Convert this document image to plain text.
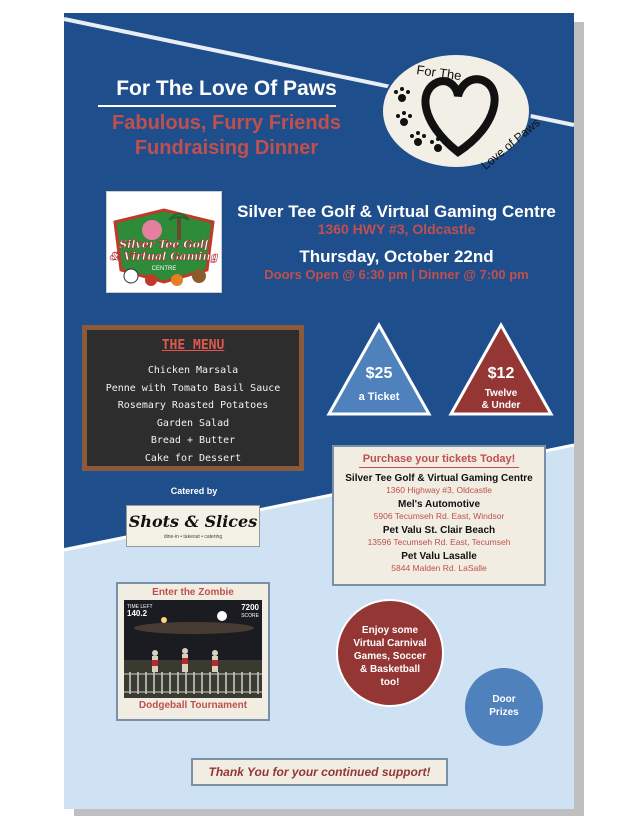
For The Love Of Paws
Fabulous, Furry Friends
Fundraising Dinner
For The
Love of Paws
Silver Tee Golf
& Virtual Gaming
CENTRE
Silver Tee Golf & Virtual Gaming Centre
1360 HWY #3, Oldcastle
Thursday, October 22nd
Doors Open @ 6:30 pm | Dinner @ 7:00 pm
THE MENU
Chicken Marsala
Penne with Tomato Basil Sauce
Rosemary Roasted Potatoes
Garden Salad
Bread + Butter
Cake for Dessert
$25
a Ticket
$12
Twelve
& Under
Catered by
Shots & Slices
dine-in • takeout • catering
Purchase your tickets Today!
Silver Tee Golf & Virtual Gaming Centre
1360 Highway #3, Oldcastle
Mel's Automotive
5906 Tecumseh Rd. East, Windsor
Pet Valu St. Clair Beach
13596 Tecumseh Rd. East, Tecumseh
Pet Valu Lasalle
5844 Malden Rd. LaSalle
Enter the Zombie
TIME LEFT
140.2
7200
SCORE
Dodgeball Tournament
Enjoy some
Virtual Carnival
Games, Soccer
& Basketball
too!
Door
Prizes
Thank You for your continued support!
